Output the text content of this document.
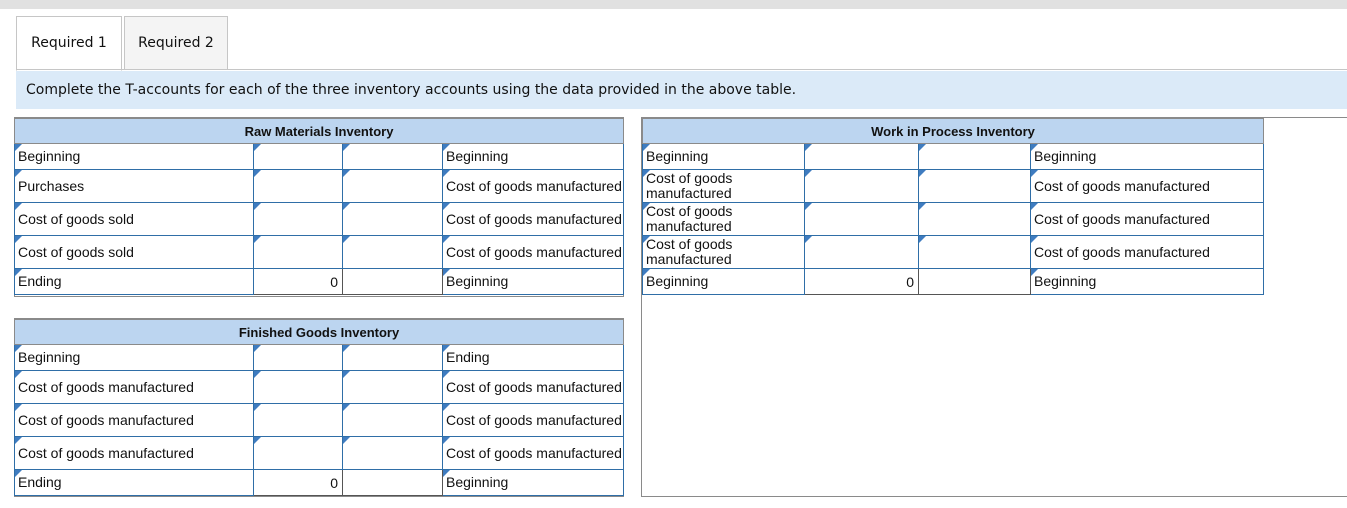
Required 1	Required 2
Complete the T-accounts for each of the three inventory accounts using the data provided in the above table.
Raw Materials Inventory			

Beginning			Beginning

Purchases			Cost of goods manufactured

Cost of goods sold			Cost of goods manufactured

Cost of goods sold			Cost of goods manufactured

Ending	0		Beginning
Work in Process Inventory			

Beginning			Beginning

Cost of goods manufactured			Cost of goods manufactured

Cost of goods manufactured			Cost of goods manufactured

Cost of goods manufactured			Cost of goods manufactured

Beginning	0		Beginning
Finished Goods Inventory			

Beginning			Ending

Cost of goods manufactured			Cost of goods manufactured

Cost of goods manufactured			Cost of goods manufactured

Cost of goods manufactured			Cost of goods manufactured

Ending	0		Beginning
